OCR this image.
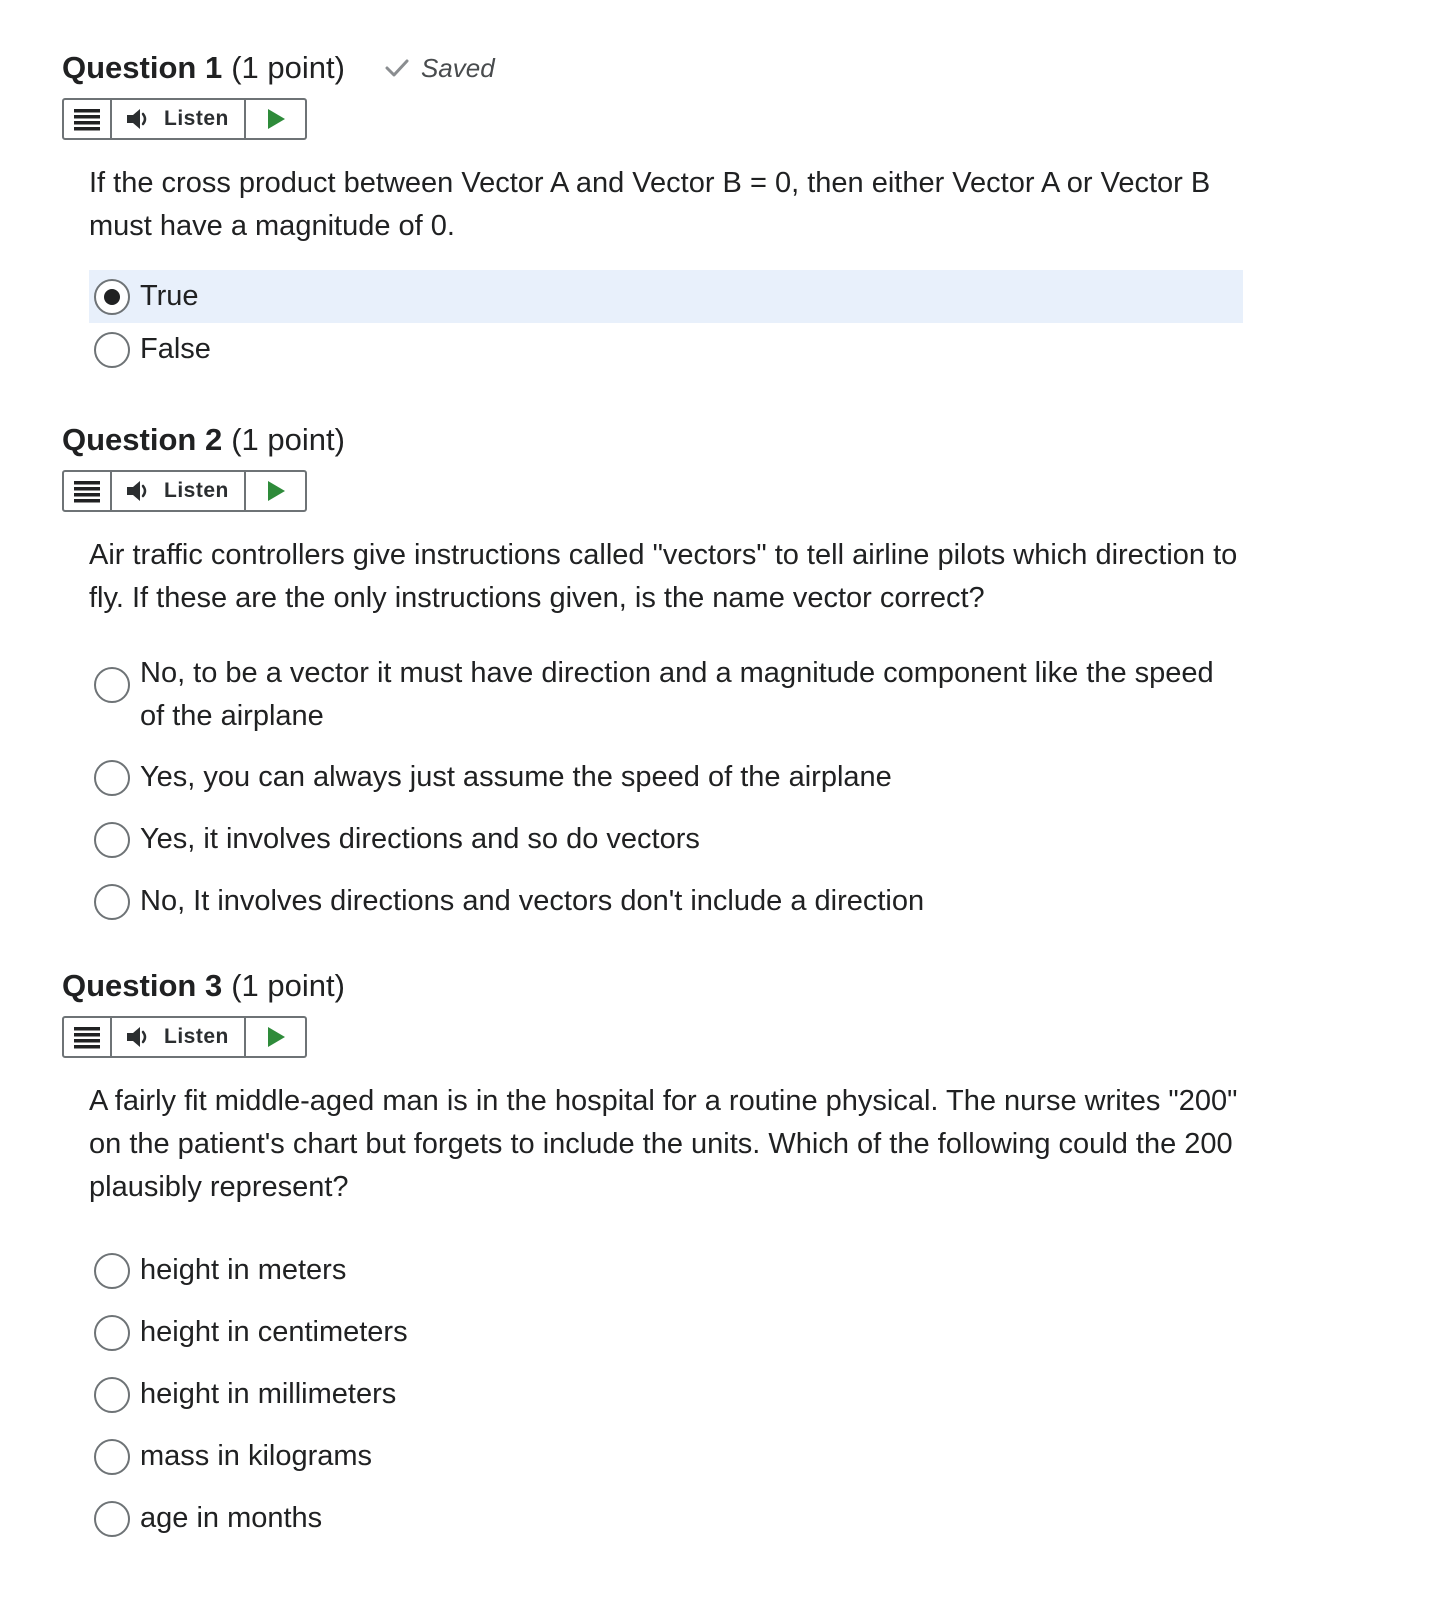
Question 1 (1 point)	Saved
Listen
If the cross product between Vector A and Vector B = 0, then either Vector A or Vector B must have a magnitude of 0.
True
False
Question 2 (1 point)
Listen
Air traffic controllers give instructions called "vectors" to tell airline pilots which direction to fly. If these are the only instructions given, is the name vector correct?
No, to be a vector it must have direction and a magnitude component like the speed of the airplane
Yes, you can always just assume the speed of the airplane
Yes, it involves directions and so do vectors
No, It involves directions and vectors don't include a direction
Question 3 (1 point)
Listen
A fairly fit middle-aged man is in the hospital for a routine physical. The nurse writes "200" on the patient's chart but forgets to include the units. Which of the following could the 200 plausibly represent?
height in meters
height in centimeters
height in millimeters
mass in kilograms
age in months
